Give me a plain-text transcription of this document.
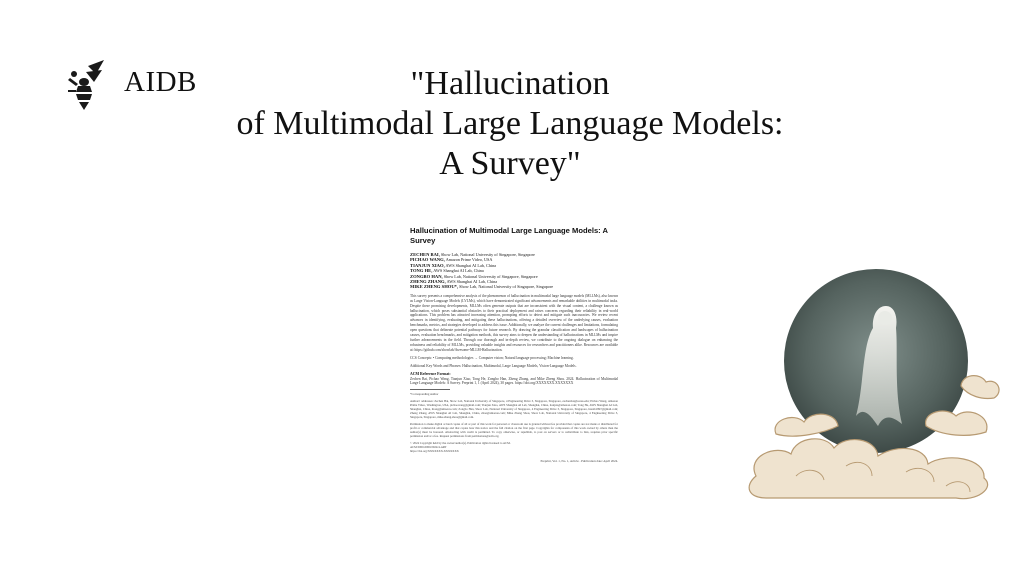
AIDB	"Hallucination
of Multimodal Large Language Models:
A Survey"
Hallucination of Multimodal Large Language Models: A Survey
ZECHEN BAI, Show Lab, National University of Singapore, Singapore
PICHAO WANG, Amazon Prime Video, USA
TIANJUN XIAO, AWS Shanghai AI Lab, China
TONG HE, AWS Shanghai AI Lab, China
ZONGBO HAN, Show Lab, National University of Singapore, Singapore
ZHENG ZHANG, AWS Shanghai AI Lab, China
MIKE ZHENG SHOU*, Show Lab, National University of Singapore, Singapore
This survey presents a comprehensive analysis of the phenomenon of hallucination in multimodal large language models (MLLMs), also known as Large Vision-Language Models (LVLMs), which have demonstrated significant advancements and remarkable abilities in multimodal tasks. Despite these promising developments, MLLMs often generate outputs that are inconsistent with the visual content, a challenge known as hallucination, which poses substantial obstacles to their practical deployment and raises concerns regarding their reliability in real-world applications. This problem has attracted increasing attention, prompting efforts to detect and mitigate such inaccuracies. We review recent advances in identifying, evaluating, and mitigating these hallucinations, offering a detailed overview of the underlying causes, evaluation benchmarks, metrics, and strategies developed to address this issue. Additionally, we analyze the current challenges and limitations, formulating open questions that delineate potential pathways for future research. By drawing the granular classification and landscapes of hallucination causes, evaluation benchmarks, and mitigation methods, this survey aims to deepen the understanding of hallucinations in MLLMs and inspire further advancements in the field. Through our thorough and in-depth review, we contribute to the ongoing dialogue on enhancing the robustness and reliability of MLLMs, providing valuable insights and resources for researchers and practitioners alike. Resources are available at: https://github.com/showlab/Awesome-MLLM-Hallucination.
CCS Concepts: • Computing methodologies → Computer vision; Natural language processing; Machine learning.
Additional Key Words and Phrases: Hallucination, Multimodal, Large Language Models, Vision-Language Models.
ACM Reference Format:
Zechen Bai, Pichao Wang, Tianjun Xiao, Tong He, Zongbo Han, Zheng Zhang, and Mike Zheng Shou. 2024. Hallucination of Multimodal Large Language Models: A Survey. Preprint 1, 1 (April 2024), 30 pages. https://doi.org/XXXXXXX.XXXXXXX
*Corresponding Author
Authors' addresses: Zechen Bai, Show Lab, National University of Singapore, 4 Engineering Drive 3, Singapore, Singapore, zechenbai@u.nus.edu; Pichao Wang, Amazon Prime Video, Washington, USA, pichaowang@gmail.com; Tianjun Xiao, AWS Shanghai AI Lab, Shanghai, China, tianjux@amazon.com; Tong He, AWS Shanghai AI Lab, Shanghai, China, htong@amazon.com; Zongbo Han, Show Lab, National University of Singapore, 4 Engineering Drive 3, Singapore, Singapore, hanzb1997@gmail.com; Zheng Zhang, AWS Shanghai AI Lab, Shanghai, China, zhaz@amazon.com; Mike Zheng Shou, Show Lab, National University of Singapore, 4 Engineering Drive 3, Singapore, Singapore, mike.zheng.shou@gmail.com.
Permission to make digital or hard copies of all or part of this work for personal or classroom use is granted without fee provided that copies are not made or distributed for profit or commercial advantage and that copies bear this notice and the full citation on the first page. Copyrights for components of this work owned by others than the author(s) must be honored. Abstracting with credit is permitted. To copy otherwise, or republish, to post on servers or to redistribute to lists, requires prior specific permission and/or a fee. Request permissions from permissions@acm.org.
© 2024 Copyright held by the owner/author(s). Publication rights licensed to ACM.
ACM 0000-0000/2024/4-ART
https://doi.org/XXXXXXX.XXXXXXX
Preprint, Vol. 1, No. 1, Article . Publication date: April 2024.
